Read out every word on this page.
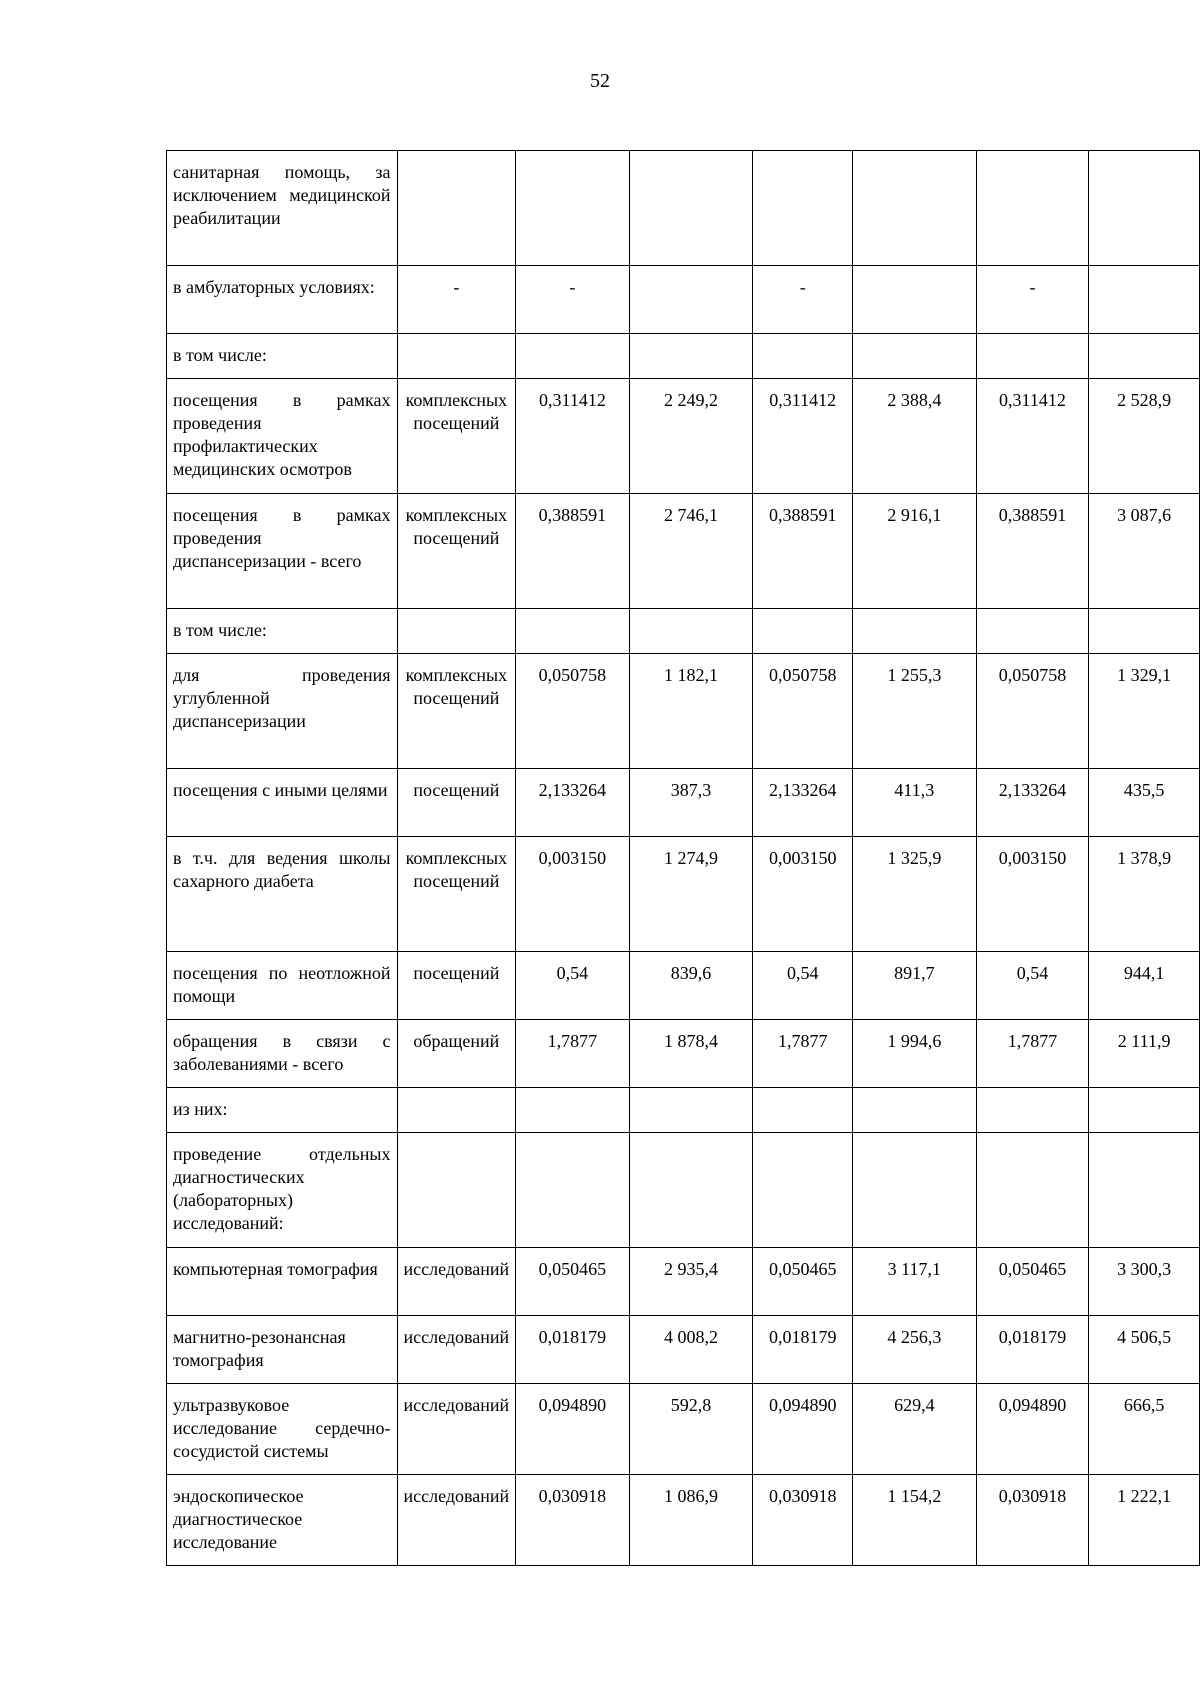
52
санитарная помощь, за исключением медицинской реабилитации							
в амбулаторных условиях:	-	-		-		-	
в том числе:							
посещения в рамках проведения профилактических медицинских осмотров	комплексных посещений	0,311412	2 249,2	0,311412	2 388,4	0,311412	2 528,9
посещения в рамках проведения диспансеризации - всего	комплексных посещений	0,388591	2 746,1	0,388591	2 916,1	0,388591	3 087,6
в том числе:							
для проведения углубленной диспансеризации	комплексных посещений	0,050758	1 182,1	0,050758	1 255,3	0,050758	1 329,1
посещения с иными целями	посещений	2,133264	387,3	2,133264	411,3	2,133264	435,5
в т.ч. для ведения школы сахарного диабета	комплексных посещений	0,003150	1 274,9	0,003150	1 325,9	0,003150	1 378,9
посещения по неотложной помощи	посещений	0,54	839,6	0,54	891,7	0,54	944,1
обращения в связи с заболеваниями - всего	обращений	1,7877	1 878,4	1,7877	1 994,6	1,7877	2 111,9
из них:							
проведение отдельных диагностических (лабораторных) исследований:							
компьютерная томография	исследований	0,050465	2 935,4	0,050465	3 117,1	0,050465	3 300,3
магнитно-резонансная томография	исследований	0,018179	4 008,2	0,018179	4 256,3	0,018179	4 506,5
ультразвуковое исследование сердечно-сосудистой системы	исследований	0,094890	592,8	0,094890	629,4	0,094890	666,5
эндоскопическое диагностическое исследование	исследований	0,030918	1 086,9	0,030918	1 154,2	0,030918	1 222,1
